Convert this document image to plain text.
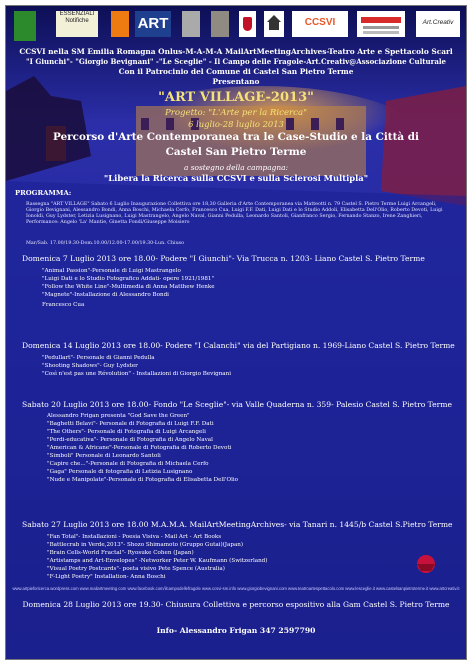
ESSENZIALI Notifiche	ART	CCSVI	Art.Creativ
CCSVI nella SM Emilia Romagna Onlus-M-A-M-A MailArtMeetingArchives-Teatro Arte e Spettacolo Scarl
"I Giunchi"- "Giorgio Bevignani" -"Le Sceglie" - Il Campo delle Fragole-Art.Creativ@Associazione Culturale
Con il Patrocinio del Comune di Castel San Pietro Terme
Presentano
"ART VILLAGE-2013"
Progetto: "L'Arte per la Ricerca"
6 luglio-28 luglio 2013
Percorso d'Arte Contemporanea tra le Case-Studio e la Città di
Castel San Pietro Terme
a sostegno della campagna:
"Libera la Ricerca sulla CCSVI e sulla Sclerosi Multipla"
PROGRAMMA:
Rassegna "ART VILLAGE" Sabato 6 Luglio Inaugurazione Collettiva ore 18,30 Galleria d'Arte Contemporanea via Matteotti n. 79 Castel S. Pietro Terme Luigi Arcangeli, Giorgio Bevignani, Alessandro Bondi, Anna Boschi, Michaela Cerfo, Francesco Cua, Luigi F.F. Dati, Luigi Dati e lo Studio Addoli, Elisabetta Dell'Olio, Roberto Devoti, Luigi Ionoldi, Guy Lydster, Letizia Lusignano, Luigi Mastrangelo, Angelo Naval, Gianni Pedulla, Leonardo Santoli, Gianfranco Sergio, Fernando Stanzo, Irene Zanghieri, Performance: Angelo 'La' Mantie, Ginetta Fondi/Giuseppe Moisiero
Mar/Sab. 17.00/19.30-Dom.10.00/12.00-17.00/19.30-Lun. Chiuso
Domenica 7 Luglio 2013 ore 18.00- Podere "I Giunchi"- Via Trucca n. 1203- Liano Castel S. Pietro Terme
"Animal Passion"-Personale di Luigi Mastrangelo
"Luigi Dati e lo Studio Fotografico Addati- opere 1921/1981"
"Follow the White Line"-Multimedia di Anna Matthew Henke
"Magnete"-Installazione di Alessandro Bondi
Francesco Cua
Domenica 14 Luglio 2013 ore 18.00- Podere "I Calanchi" via del Partigiano n. 1969-Liano Castel S. Pietro Terme
"Pedullart"- Personale di Gianni Pedulla
"Shooting Shadows"- Guy Lydster
"Così n'est pas une Révolution" - Installazioni di Giorgio Bevignani
Sabato 20 Luglio 2013 ore 18.00- Fondo "Le Sceglie"- via Valle Quaderna n. 359- Palesio Castel S. Pietro Terme
Alessandro Frigan presenta "God Save the Green"
"Baghetti Belavi"- Personale di Fotografia di Luigi F.F. Dati
"The Others"- Personale di Fotografia di Luigi Arcangeli
"Perdi-educativa"- Personale di Fotografia di Angelo Naval
"American & Africane"-Personale di Fotografia di Roberto Devoti
"Simboli" Personale di Leonardo Santoli
"Capire che..."-Personale di Fotografia di Michaela Cerfo
"Gaga" Personale di fotografia di Letizia Lusignano
"Nude e Manipolate"-Personale di Fotografia di Elisabetta Dell'Olio
Sabato 27 Luglio 2013 ore 18.00 M.A.M.A. MailArtMeetingArchives- via Tanari n. 1445/b Castel S.Pietro Terme
"Fan Total"- Installazioni - Poesia Visiva - Mail Art - Art Books
"Battlecrab in Verde,2013"- Shozo Shimamoto (Gruppo Gutai)(Japan)
"Brain Cells-World Fractal"- Ryosuke Cohen (Japan)
"Artistamps and Art-Envelopes" -Networker Peter W. Kaufmann (Switzerland)
"Visual Poetry Postcards"- poeta visivo Pete Spence (Australia)
"F-Light Poetry" Installation- Anna Boschi
www.artpieforicerca.wordpress.com www.mailartmeeting.com www.facebook.com/ilcampodellefragole www.ccsvi-sm.info www.giorgiobevignani.com www.teatroartespettacolo.com www.lesceglie.it www.castelsanpietroterme.it www.artcreativ.it
Domenica 28 Luglio 2013 ore 19.30- Chiusura Collettiva e percorso espositivo alla Gam Castel S. Pietro Terme
Info- Alessandro Frigan 347 2597790
